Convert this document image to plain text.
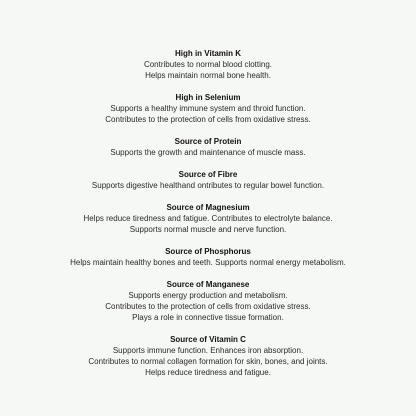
High in Vitamin K
Contributes to normal blood clotting.
Helps maintain normal bone health.
High in Selenium
Supports a healthy immune system and throid function.
Contributes to the protection of cells from oxidative stress.
Source of Protein
Supports the growth and maintenance of muscle mass.
Source of Fibre
Supports digestive healthand ontributes to regular bowel function.
Source of Magnesium
Helps reduce tiredness and fatigue. Contributes to electrolyte balance.
Supports normal muscle and nerve function.
Source of Phosphorus
Helps maintain healthy bones and teeth. Supports normal energy metabolism.
Source of Manganese
Supports energy production and metabolism.
Contributes to the protection of cells from oxidative stress.
Plays a role in connective tissue formation.
Source of Vitamin C
Supports immune function. Enhances iron absorption.
Contributes to normal collagen formation for skin, bones, and joints.
Helps reduce tiredness and fatigue.
